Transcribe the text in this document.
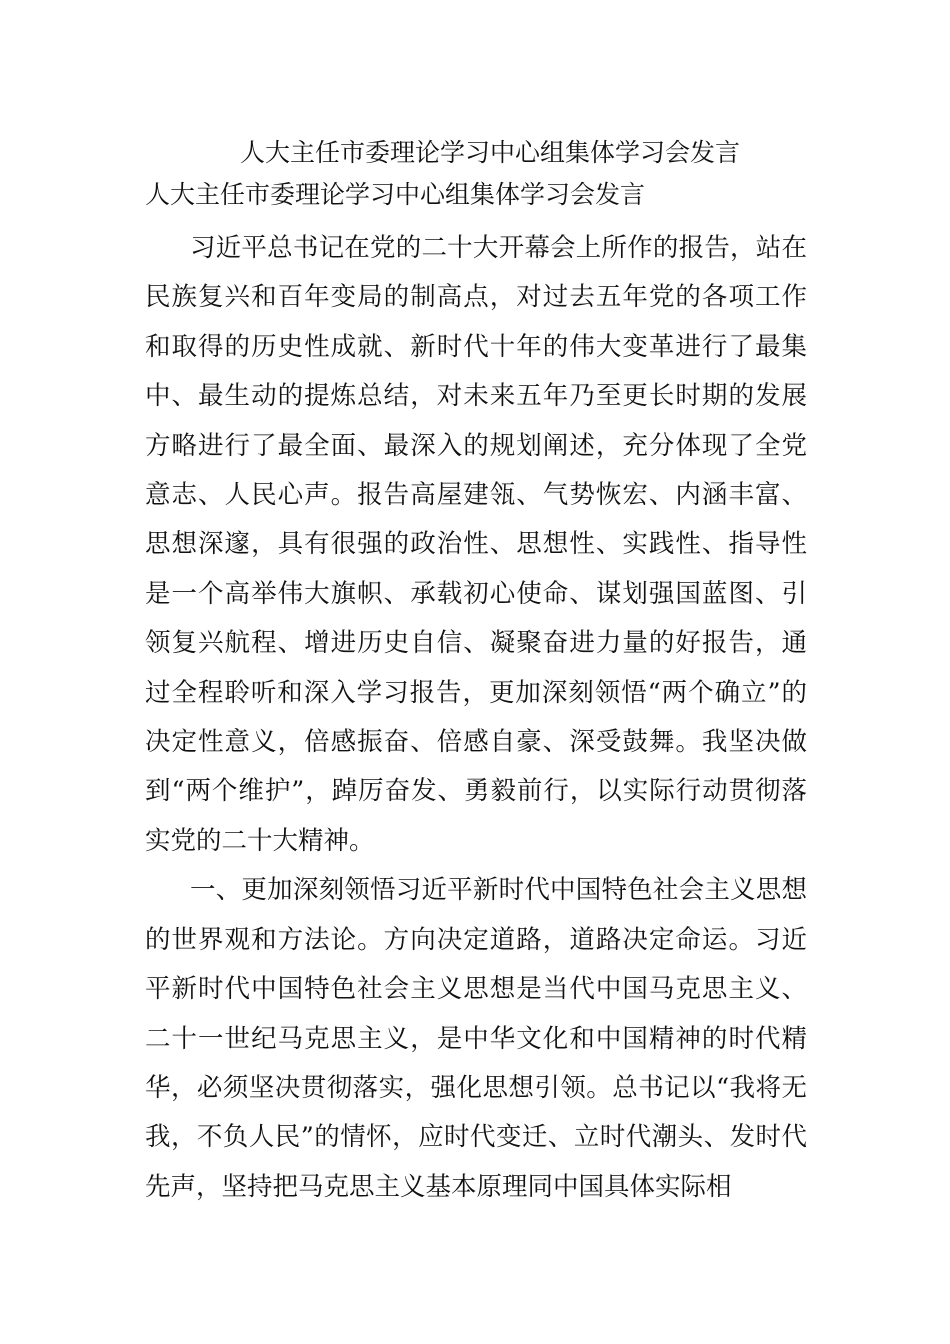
人大主任市委理论学习中心组集体学习会发言
人大主任市委理论学习中心组集体学习会发言

习近平总书记在党的二十大开幕会上所作的报告，站在民族复兴和百年变局的制高点，对过去五年党的各项工作和取得的历史性成就、新时代十年的伟大变革进行了最集中、最生动的提炼总结，对未来五年乃至更长时期的发展方略进行了最全面、最深入的规划阐述，充分体现了全党意志、人民心声。报告高屋建瓴、气势恢宏、内涵丰富、思想深邃，具有很强的政治性、思想性、实践性、指导性是一个高举伟大旗帜、承载初心使命、谋划强国蓝图、引领复兴航程、增进历史自信、凝聚奋进力量的好报告，通过全程聆听和深入学习报告，更加深刻领悟“两个确立”的决定性意义，倍感振奋、倍感自豪、深受鼓舞。我坚决做到“两个维护”，踔厉奋发、勇毅前行，以实际行动贯彻落实党的二十大精神。

一、更加深刻领悟习近平新时代中国特色社会主义思想的世界观和方法论。方向决定道路，道路决定命运。习近平新时代中国特色社会主义思想是当代中国马克思主义、二十一世纪马克思主义，是中华文化和中国精神的时代精华，必须坚决贯彻落实，强化思想引领。总书记以“我将无我，不负人民”的情怀，应时代变迁、立时代潮头、发时代先声，坚持把马克思主义基本原理同中国具体实际相
